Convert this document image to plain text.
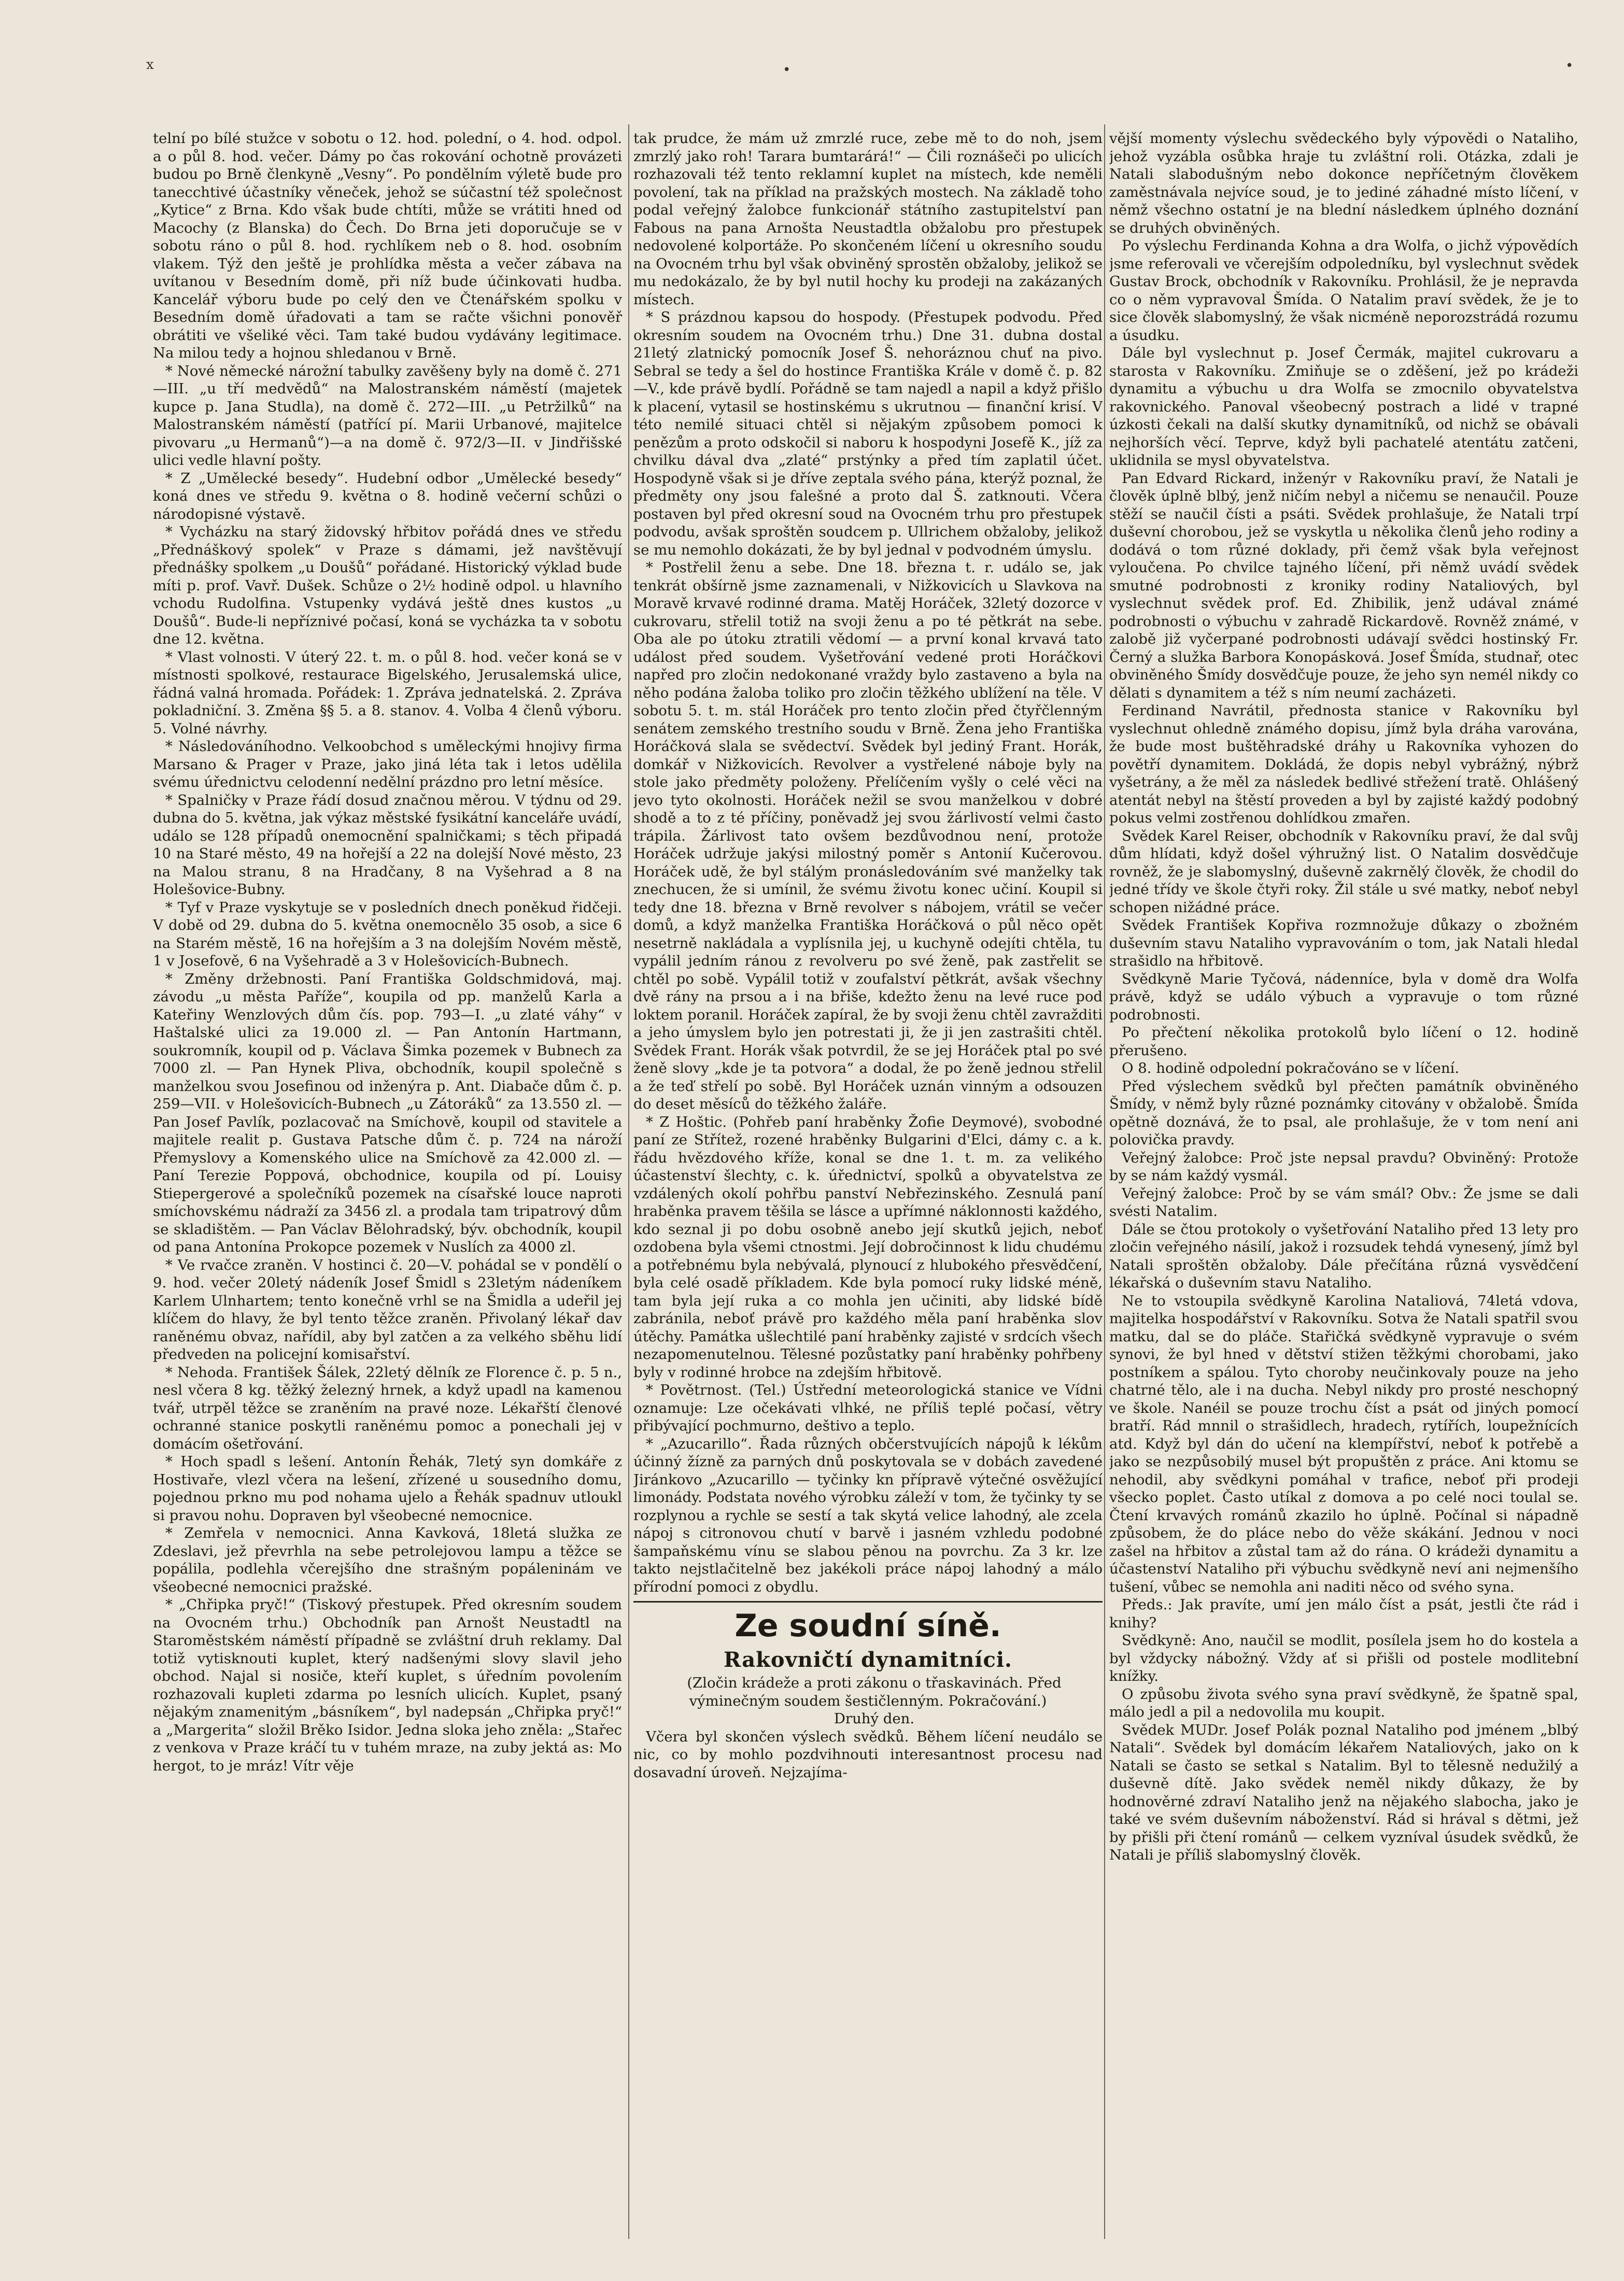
x	•	•

telní po bílé stužce v sobotu o 12. hod. polední, o 4. hod. odpol. a o půl 8. hod. večer. Dámy po čas rokování ochotně provázeti budou po Brně členkyně „Vesny“. Po pondělním výletě bude pro tanecchtivé účastníky věneček, jehož se súčastní též společnost „Kytice“ z Brna. Kdo však bude chtíti, může se vrátiti hned od Macochy (z Blanska) do Čech. Do Brna jeti doporučuje se v sobotu ráno o půl 8. hod. rychlíkem neb o 8. hod. osobním vlakem. Týž den ještě je prohlídka města a večer zábava na uvítanou v Besedním domě, při níž bude účinkovati hudba. Kancelář výboru bude po celý den ve Čtenářském spolku v Besedním domě úřadovati a tam se račte všichni ponověř obrátiti ve všeliké věci. Tam také budou vydávány legitimace. Na milou tedy a hojnou shledanou v Brně.

* Nové německé nárožní tabulky zavěšeny byly na domě č. 271—III. „u tří medvědů“ na Malostranském náměstí (majetek kupce p. Jana Studla), na domě č. 272—III. „u Petržilků“ na Malostranském náměstí (patřící pí. Marii Urbanové, majitelce pivovaru „u Hermanů“)—a na domě č. 972/3—II. v Jindřišské ulici vedle hlavní pošty.

* Z „Umělecké besedy“. Hudební odbor „Umělecké besedy“ koná dnes ve středu 9. května o 8. hodině večerní schůzi o národopisné výstavě.

* Vycházku na starý židovský hřbitov pořádá dnes ve středu „Přednáškový spolek“ v Praze s dámami, jež navštěvují přednášky spolkem „u Doušů“ pořádané. Historický výklad bude míti p. prof. Vavř. Dušek. Schůze o 2½ hodině odpol. u hlavního vchodu Rudolfina. Vstupenky vydává ještě dnes kustos „u Doušů“. Bude-li nepříznivé počasí, koná se vycházka ta v sobotu dne 12. května.

* Vlast volnosti. V úterý 22. t. m. o půl 8. hod. večer koná se v místnosti spolkové, restaurace Bigelského, Jerusalemská ulice, řádná valná hromada. Pořádek: 1. Zpráva jednatelská. 2. Zpráva pokladniční. 3. Změna §§ 5. a 8. stanov. 4. Volba 4 členů výboru. 5. Volné návrhy.

* Následováníhodno. Velkoobchod s uměleckými hnojivy firma Marsano & Prager v Praze, jako jiná léta tak i letos udělila svému úřednictvu celodenní nedělní prázdno pro letní měsíce.

* Spalničky v Praze řádí dosud značnou měrou. V týdnu od 29. dubna do 5. května, jak výkaz městské fysikátní kanceláře uvádí, událo se 128 případů onemocnění spalničkami; s těch připadá 10 na Staré město, 49 na hořejší a 22 na dolejší Nové město, 23 na Malou stranu, 8 na Hradčany, 8 na Vyšehrad a 8 na Holešovice-Bubny.

* Tyf v Praze vyskytuje se v posledních dnech poněkud řidčeji. V době od 29. dubna do 5. května onemocnělo 35 osob, a sice 6 na Starém městě, 16 na hořejším a 3 na dolejším Novém městě, 1 v Josefově, 6 na Vyšehradě a 3 v Holešovicích-Bubnech.

* Změny držebnosti. Paní Františka Goldschmidová, maj. závodu „u města Paříže“, koupila od pp. manželů Karla a Kateřiny Wenzlových dům čís. pop. 793—I. „u zlaté váhy“ v Haštalské ulici za 19.000 zl. — Pan Antonín Hartmann, soukromník, koupil od p. Václava Šimka pozemek v Bubnech za 7000 zl. — Pan Hynek Pliva, obchodník, koupil společně s manželkou svou Josefinou od inženýra p. Ant. Diabače dům č. p. 259—VII. v Holešovicích-Bubnech „u Zátoráků“ za 13.550 zl. — Pan Josef Pavlík, pozlacovač na Smíchově, koupil od stavitele a majitele realit p. Gustava Patsche dům č. p. 724 na nároží Přemyslovy a Komenského ulice na Smíchově za 42.000 zl. — Paní Terezie Poppová, obchodnice, koupila od pí. Louisy Stiepergerové a společníků pozemek na císařské louce naproti smíchovskému nádraží za 3456 zl. a prodala tam tripatrový dům se skladištěm. — Pan Václav Bělohradský, býv. obchodník, koupil od pana Antonína Prokopce pozemek v Nuslích za 4000 zl.

* Ve rvačce zraněn. V hostinci č. 20—V. pohádal se v pondělí o 9. hod. večer 20letý nádeník Josef Šmidl s 23letým nádeníkem Karlem Ulnhartem; tento konečně vrhl se na Šmidla a udeřil jej klíčem do hlavy, že byl tento těžce zraněn. Přivolaný lékař dav raněnému obvaz, nařídil, aby byl zatčen a za velkého sběhu lidí předveden na policejní komisařství.

* Nehoda. František Šálek, 22letý dělník ze Florence č. p. 5 n., nesl včera 8 kg. těžký železný hrnek, a když upadl na kamenou tvář, utrpěl těžce se zraněním na pravé noze. Lékařští členové ochranné stanice poskytli raněnému pomoc a ponechali jej v domácím ošetřování.

* Hoch spadl s lešení. Antonín Řehák, 7letý syn domkáře z Hostivaře, vlezl včera na lešení, zřízené u sousedního domu, pojednou prkno mu pod nohama ujelo a Řehák spadnuv utloukl si pravou nohu. Dopraven byl všeobecné nemocnice.

* Zemřela v nemocnici. Anna Kavková, 18letá služka ze Zdeslavi, jež převrhla na sebe petrolejovou lampu a těžce se popálila, podlehla včerejšího dne strašným popáleninám ve všeobecné nemocnici pražské.

* „Chřipka pryč!“ (Tiskový přestupek. Před okresním soudem na Ovocném trhu.) Obchodník pan Arnošt Neustadtl na Staroměstském náměstí případně se zvláštní druh reklamy. Dal totiž vytisknouti kuplet, který nadšenými slovy slavil jeho obchod. Najal si nosiče, kteří kuplet, s úředním povolením rozhazovali kupleti zdarma po lesních ulicích. Kuplet, psaný nějakým znamenitým „básníkem“, byl nadepsán „Chřipka pryč!“ a „Margerita“ složil Brěko Isidor. Jedna sloka jeho zněla: „Stařec z venkova v Praze kráčí tu v tuhém mraze, na zuby jektá as: Mo hergot, to je mráz! Vítr věje

tak prudce, že mám už zmrzlé ruce, zebe mě to do noh, jsem zmrzlý jako roh! Tarara bumtarárá!“ — Čili roznášeči po ulicích rozhazovali též tento reklamní kuplet na místech, kde neměli povolení, tak na příklad na pražských mostech. Na základě toho podal veřejný žalobce funkcionář státního zastupitelství pan Fabous na pana Arnošta Neustadtla obžalobu pro přestupek nedovolené kolportáže. Po skončeném líčení u okresního soudu na Ovocném trhu byl však obviněný sprostěn obžaloby, jelikož se mu nedokázalo, že by byl nutil hochy ku prodeji na zakázaných místech.

* S prázdnou kapsou do hospody. (Přestupek podvodu. Před okresním soudem na Ovocném trhu.) Dne 31. dubna dostal 21letý zlatnický pomocník Josef Š. nehoráznou chuť na pivo. Sebral se tedy a šel do hostince Františka Krále v domě č. p. 82—V., kde právě bydlí. Pořádně se tam najedl a napil a když přišlo k placení, vytasil se hostinskému s ukrutnou — finanční krisí. V této nemilé situaci chtěl si nějakým způsobem pomoci k penězům a proto odskočil si naboru k hospodyni Josefě K., jíž za chvilku dával dva „zlaté“ prstýnky a před tím zaplatil účet. Hospodyně však si je dříve zeptala svého pána, kterýž poznal, že předměty ony jsou falešné a proto dal Š. zatknouti. Včera postaven byl před okresní soud na Ovocném trhu pro přestupek podvodu, avšak sproštěn soudcem p. Ullrichem obžaloby, jelikož se mu nemohlo dokázati, že by byl jednal v podvodném úmyslu.

* Postřelil ženu a sebe. Dne 18. března t. r. událo se, jak tenkrát obšírně jsme zaznamenali, v Nižkovicích u Slavkova na Moravě krvavé rodinné drama. Matěj Horáček, 32letý dozorce v cukrovaru, střelil totiž na svoji ženu a po té pětkrát na sebe. Oba ale po útoku ztratili vědomí — a první konal krvavá tato událost před soudem. Vyšetřování vedené proti Horáčkovi napřed pro zločin nedokonané vraždy bylo zastaveno a byla na něho podána žaloba toliko pro zločin těžkého ublížení na těle. V sobotu 5. t. m. stál Horáček pro tento zločin před čtyřčlenným senátem zemského trestního soudu v Brně. Žena jeho Františka Horáčková slala se svědectví. Svědek byl jediný Frant. Horák, domkář v Nižkovicích. Revolver a vystřelené náboje byly na stole jako předměty položeny. Přelíčením vyšly o celé věci na jevo tyto okolnosti. Horáček nežil se svou manželkou v dobré shodě a to z té příčiny, poněvadž jej svou žárlivostí velmi často trápila. Žárlivost tato ovšem bezdůvodnou není, protože Horáček udržuje jakýsi milostný poměr s Antonií Kučerovou. Horáček udě, že byl stálým pronásledováním své manželky tak znechucen, že si umínil, že svému životu konec učiní. Koupil si tedy dne 18. března v Brně revolver s nábojem, vrátil se večer domů, a když manželka Františka Horáčková o půl něco opět nesetrně nakládala a vyplísnila jej, u kuchyně odejíti chtěla, tu vypálil jedním ránou z revolveru po své ženě, pak zastřelit se chtěl po sobě. Vypálil totiž v zoufalství pětkrát, avšak všechny dvě rány na prsou a i na břiše, kdežto ženu na levé ruce pod loktem poranil. Horáček zapíral, že by svoji ženu chtěl zavražditi a jeho úmyslem bylo jen potrestati ji, že ji jen zastrašiti chtěl. Svědek Frant. Horák však potvrdil, že se jej Horáček ptal po své ženě slovy „kde je ta potvora“ a dodal, že po ženě jednou střelil a že teď střelí po sobě. Byl Horáček uznán vinným a odsouzen do deset měsíců do těžkého žaláře.

* Z Hoštic. (Pohřeb paní hraběnky Žofie Deymové), svobodné paní ze Střítež, rozené hraběnky Bulgarini d'Elci, dámy c. a k. řádu hvězdového kříže, konal se dne 1. t. m. za velikého účastenství šlechty, c. k. úřednictví, spolků a obyvatelstva ze vzdálených okolí pohřbu panství Nebřezinského. Zesnulá paní hraběnka pravem těšila se lásce a upřímné náklonnosti každého, kdo seznal ji po dobu osobně anebo její skutků jejich, neboť ozdobena byla všemi ctnostmi. Její dobročinnost k lidu chudému a potřebnému byla nebývalá, plynoucí z hlubokého přesvědčení, byla celé osadě příkladem. Kde byla pomocí ruky lidské méně, tam byla její ruka a co mohla jen učiniti, aby lidské bídě zabránila, neboť právě pro každého měla paní hraběnka slov útěchy. Památka ušlechtilé paní hraběnky zajisté v srdcích všech nezapomenutelnou. Tělesné pozůstatky paní hraběnky pohřbeny byly v rodinné hrobce na zdejším hřbitově.

* Povětrnost. (Tel.) Ústřední meteorologická stanice ve Vídni oznamuje: Lze očekávati vlhké, ne příliš teplé počasí, větry přibývající pochmurno, deštivo a teplo.

* „Azucarillo“. Řada různých občerstvujících nápojů k lékům účinný žízně za parných dnů poskytovala se v dobách zavedené Jiránkovo „Azucarillo — tyčinky kn přípravě výtečné osvěžující limonády. Podstata nového výrobku záleží v tom, že tyčinky ty se rozplynou a rychle se sestí a tak skytá velice lahodný, ale zcela nápoj s citronovou chutí v barvě i jasném vzhledu podobné šampaňskému vínu se slabou pěnou na povrchu. Za 3 kr. lze takto nejstlačitelně bez jakékoli práce nápoj lahodný a málo přírodní pomoci z obydlu.

Ze soudní síně.
Rakovničtí dynamitníci.

(Zločin krádeže a proti zákonu o třaskavinách. Před výminečným soudem šestičlenným. Pokračování.)

Druhý den.

Včera byl skončen výslech svědků. Během líčení neudálo se nic, co by mohlo pozdvihnouti interesantnost procesu nad dosavadní úroveň. Nejzajíma-

vější momenty výslechu svědeckého byly výpovědi o Nataliho, jehož vyzábla osůbka hraje tu zvláštní roli. Otázka, zdali je Natali slabodušným nebo dokonce nepříčetným člověkem zaměstnávala nejvíce soud, je to jediné záhadné místo líčení, v němž všechno ostatní je na blední následkem úplného doznání se druhých obviněných.

Po výslechu Ferdinanda Kohna a dra Wolfa, o jichž výpovědích jsme referovali ve včerejším odpoledníku, byl vyslechnut svědek Gustav Brock, obchodník v Rakovníku. Prohlásil, že je nepravda co o něm vypravoval Šmída. O Natalim praví svědek, že je to sice člověk slabomyslný, že však nicméně neporozstrádá rozumu a úsudku.

Dále byl vyslechnut p. Josef Čermák, majitel cukrovaru a starosta v Rakovníku. Zmiňuje se o zděšení, jež po krádeži dynamitu a výbuchu u dra Wolfa se zmocnilo obyvatelstva rakovnického. Panoval všeobecný postrach a lidé v trapné úzkosti čekali na další skutky dynamitníků, od nichž se obávali nejhorších věcí. Teprve, když byli pachatelé atentátu zatčeni, uklidnila se mysl obyvatelstva.

Pan Edvard Rickard, inženýr v Rakovníku praví, že Natali je člověk úplně blbý, jenž ničím nebyl a ničemu se nenaučil. Pouze stěží se naučil čísti a psáti. Svědek prohlašuje, že Natali trpí duševní chorobou, jež se vyskytla u několika členů jeho rodiny a dodává o tom různé doklady, při čemž však byla veřejnost vyloučena. Po chvilce tajného líčení, při němž uvádí svědek smutné podrobnosti z kroniky rodiny Nataliových, byl vyslechnut svědek prof. Ed. Zhibilik, jenž udával známé podrobnosti o výbuchu v zahradě Rickardově. Rovněž známé, v zalobě již vyčerpané podrobnosti udávají svědci hostinský Fr. Černý a služka Barbora Konopásková. Josef Šmída, studnař, otec obviněného Šmídy dosvědčuje pouze, že jeho syn nemél nikdy co dělati s dynamitem a též s ním neumí zacházeti.

Ferdinand Navrátil, přednosta stanice v Rakovníku byl vyslechnut ohledně známého dopisu, jímž byla dráha varována, že bude most buštěhradské dráhy u Rakovníka vyhozen do povětří dynamitem. Dokládá, že dopis nebyl vybrážný, nýbrž vyšetrány, a že měl za následek bedlivé střežení tratě. Ohlášený atentát nebyl na štěstí proveden a byl by zajisté každý podobný pokus velmi zostřenou dohlídkou zmařen.

Svědek Karel Reiser, obchodník v Rakovníku praví, že dal svůj dům hlídati, když došel výhružný list. O Natalim dosvědčuje rovněž, že je slabomyslný, duševně zakrnělý člověk, že chodil do jedné třídy ve škole čtyři roky. Žil stále u své matky, neboť nebyl schopen nižádné práce.

Svědek František Kopřiva rozmnožuje důkazy o zbožném duševním stavu Nataliho vypravováním o tom, jak Natali hledal strašidlo na hřbitově.

Svědkyně Marie Tyčová, nádenníce, byla v domě dra Wolfa právě, když se událo výbuch a vypravuje o tom různé podrobnosti.

Po přečtení několika protokolů bylo líčení o 12. hodině přerušeno.

O 8. hodině odpolední pokračováno se v líčení.

Před výslechem svědků byl přečten památník obviněného Šmídy, v němž byly různé poznámky citovány v obžalobě. Šmída opětně doznává, že to psal, ale prohlašuje, že v tom není ani polovička pravdy.

Veřejný žalobce: Proč jste nepsal pravdu? Obviněný: Protože by se nám každý vysmál.

Veřejný žalobce: Proč by se vám smál? Obv.: Že jsme se dali svésti Natalim.

Dále se čtou protokoly o vyšetřování Nataliho před 13 lety pro zločin veřejného násilí, jakož i rozsudek tehdá vynesený, jímž byl Natali sproštěn obžaloby. Dále přečítána různá vysvědčení lékařská o duševním stavu Nataliho.

Ne to vstoupila svědkyně Karolina Nataliová, 74letá vdova, majitelka hospodářství v Rakovníku. Sotva že Natali spatřil svou matku, dal se do pláče. Stařičká svědkyně vypravuje o svém synovi, že byl hned v dětství stižen těžkými chorobami, jako postníkem a spálou. Tyto choroby neučinkovaly pouze na jeho chatrné tělo, ale i na ducha. Nebyl nikdy pro prosté neschopný ve škole. Nanéil se pouze trochu číst a psát od jiných pomocí bratří. Rád mnnil o strašidlech, hradech, rytířích, loupežnících atd. Když byl dán do učení na klempířství, neboť k potřebě a jako se nezpůsobilý musel být propuštěn z práce. Ani ktomu se nehodil, aby svědkyni pomáhal v trafice, neboť při prodeji všecko poplet. Často utíkal z domova a po celé noci toulal se. Čtení krvavých románů zkazilo ho úplně. Počínal si nápadně způsobem, že do pláce nebo do věže skákání. Jednou v noci zašel na hřbitov a zůstal tam až do rána. O krádeži dynamitu a účastenství Nataliho při výbuchu svědkyně neví ani nejmenšího tušení, vůbec se nemohla ani naditi něco od svého syna.

Předs.: Jak pravíte, umí jen málo číst a psát, jestli čte rád i knihy?

Svědkyně: Ano, naučil se modlit, posílela jsem ho do kostela a byl vždycky nábožný. Vždy ať si přišli od postele modlitební knížky.

O způsobu života svého syna praví svědkyně, že špatně spal, málo jedl a pil a nedovolila mu koupit.

Svědek MUDr. Josef Polák poznal Nataliho pod jménem „blbý Natali“. Svědek byl domácím lékařem Nataliových, jako on k Natali se často se setkal s Natalim. Byl to tělesně nedužilý a duševně dítě. Jako svědek neměl nikdy důkazy, že by hodnověrné zdraví Nataliho jenž na nějakého slabocha, jako je také ve svém duševním náboženství. Rád si hrával s dětmi, jež by přišli při čtení románů — celkem vyzníval úsudek svědků, že Natali je příliš slabomyslný člověk.
